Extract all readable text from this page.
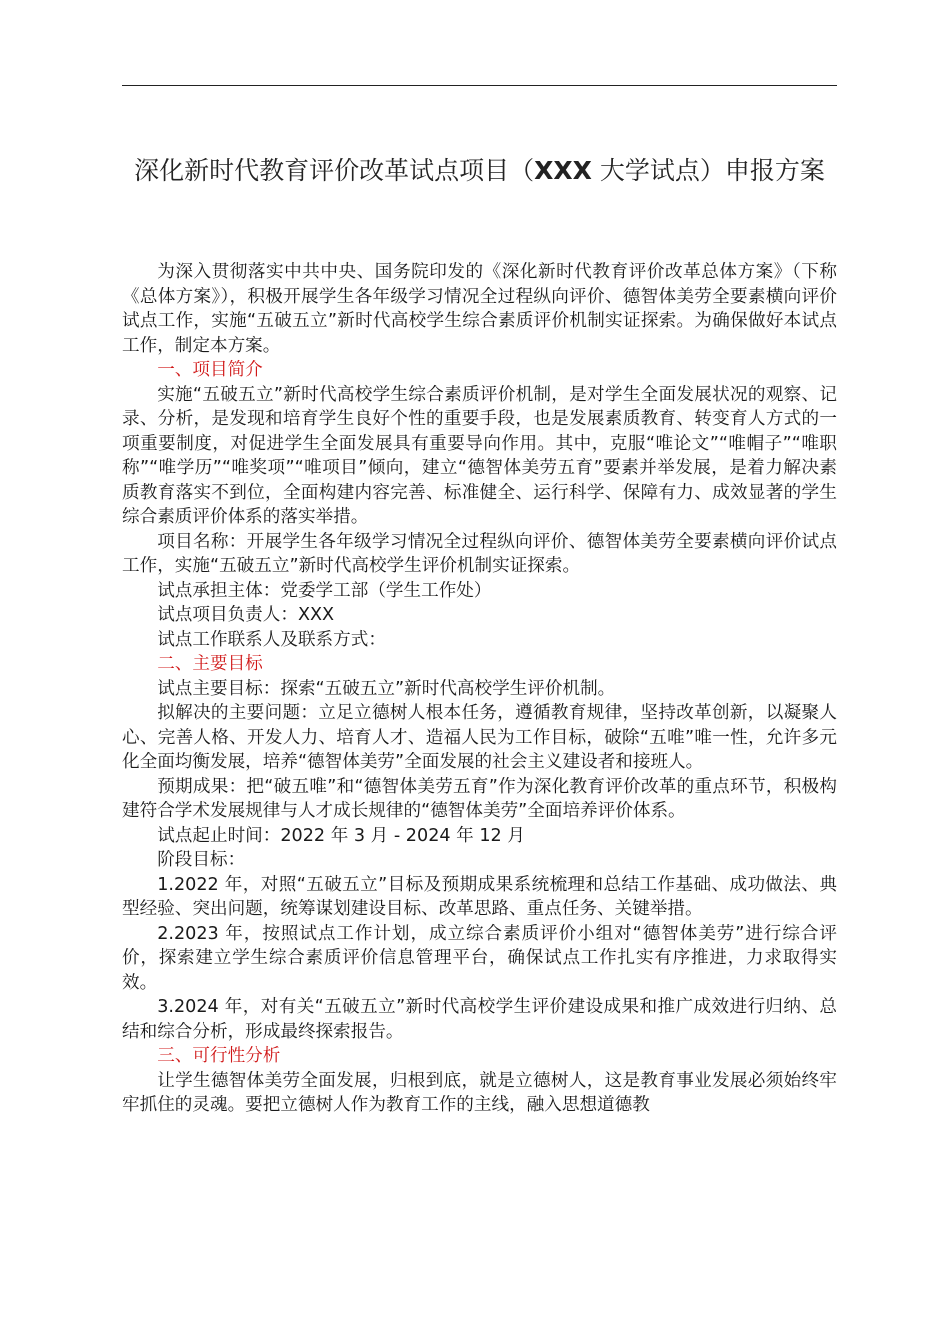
深化新时代教育评价改革试点项目（XXX 大学试点）申报方案

为深入贯彻落实中共中央、国务院印发的《深化新时代教育评价改革总体方案》（下称《总体方案》），积极开展学生各年级学习情况全过程纵向评价、德智体美劳全要素横向评价试点工作，实施“五破五立”新时代高校学生综合素质评价机制实证探索。为确保做好本试点工作，制定本方案。

一、项目简介

实施“五破五立”新时代高校学生综合素质评价机制，是对学生全面发展状况的观察、记录、分析，是发现和培育学生良好个性的重要手段，也是发展素质教育、转变育人方式的一项重要制度，对促进学生全面发展具有重要导向作用。其中，克服“唯论文”“唯帽子”“唯职称”“唯学历”“唯奖项”“唯项目”倾向，建立“德智体美劳五育”要素并举发展，是着力解决素质教育落实不到位，全面构建内容完善、标准健全、运行科学、保障有力、成效显著的学生综合素质评价体系的落实举措。

项目名称：开展学生各年级学习情况全过程纵向评价、德智体美劳全要素横向评价试点工作，实施“五破五立”新时代高校学生评价机制实证探索。

试点承担主体：党委学工部（学生工作处）

试点项目负责人：XXX

试点工作联系人及联系方式：

二、主要目标

试点主要目标：探索“五破五立”新时代高校学生评价机制。

拟解决的主要问题：立足立德树人根本任务，遵循教育规律，坚持改革创新，以凝聚人心、完善人格、开发人力、培育人才、造福人民为工作目标，破除“五唯”唯一性，允许多元化全面均衡发展，培养“德智体美劳”全面发展的社会主义建设者和接班人。

预期成果：把“破五唯”和“德智体美劳五育”作为深化教育评价改革的重点环节，积极构建符合学术发展规律与人才成长规律的“德智体美劳”全面培养评价体系。

试点起止时间：2022 年 3 月 - 2024 年 12 月

阶段目标：

1.2022 年，对照“五破五立”目标及预期成果系统梳理和总结工作基础、成功做法、典型经验、突出问题，统筹谋划建设目标、改革思路、重点任务、关键举措。

2.2023 年，按照试点工作计划，成立综合素质评价小组对“德智体美劳”进行综合评价，探索建立学生综合素质评价信息管理平台，确保试点工作扎实有序推进，力求取得实效。

3.2024 年，对有关“五破五立”新时代高校学生评价建设成果和推广成效进行归纳、总结和综合分析，形成最终探索报告。

三、可行性分析

让学生德智体美劳全面发展，归根到底，就是立德树人，这是教育事业发展必须始终牢牢抓住的灵魂。要把立德树人作为教育工作的主线，融入思想道德教
